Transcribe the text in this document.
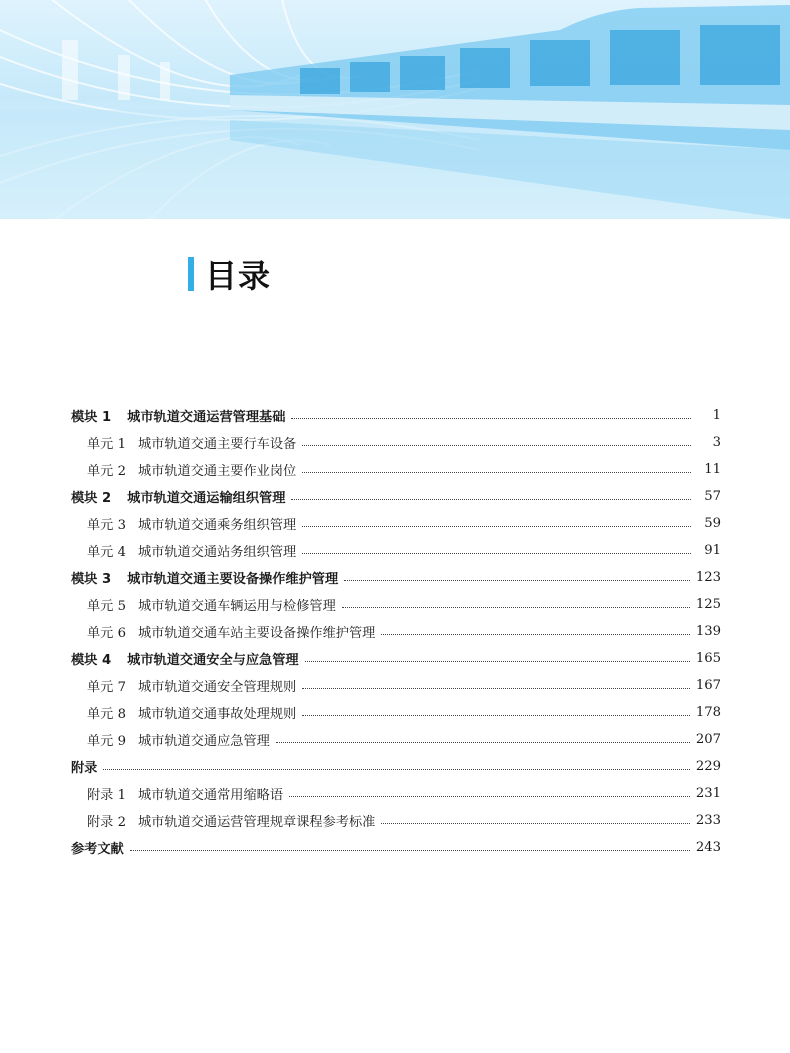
目录
模块 1 城市轨道交通运营管理基础	1
单元 1 城市轨道交通主要行车设备	3
单元 2 城市轨道交通主要作业岗位	11
模块 2 城市轨道交通运输组织管理	57
单元 3 城市轨道交通乘务组织管理	59
单元 4 城市轨道交通站务组织管理	91
模块 3 城市轨道交通主要设备操作维护管理	123
单元 5 城市轨道交通车辆运用与检修管理	125
单元 6 城市轨道交通车站主要设备操作维护管理	139
模块 4 城市轨道交通安全与应急管理	165
单元 7 城市轨道交通安全管理规则	167
单元 8 城市轨道交通事故处理规则	178
单元 9 城市轨道交通应急管理	207
附录	229
附录 1 城市轨道交通常用缩略语	231
附录 2 城市轨道交通运营管理规章课程参考标准	233
参考文献	243
